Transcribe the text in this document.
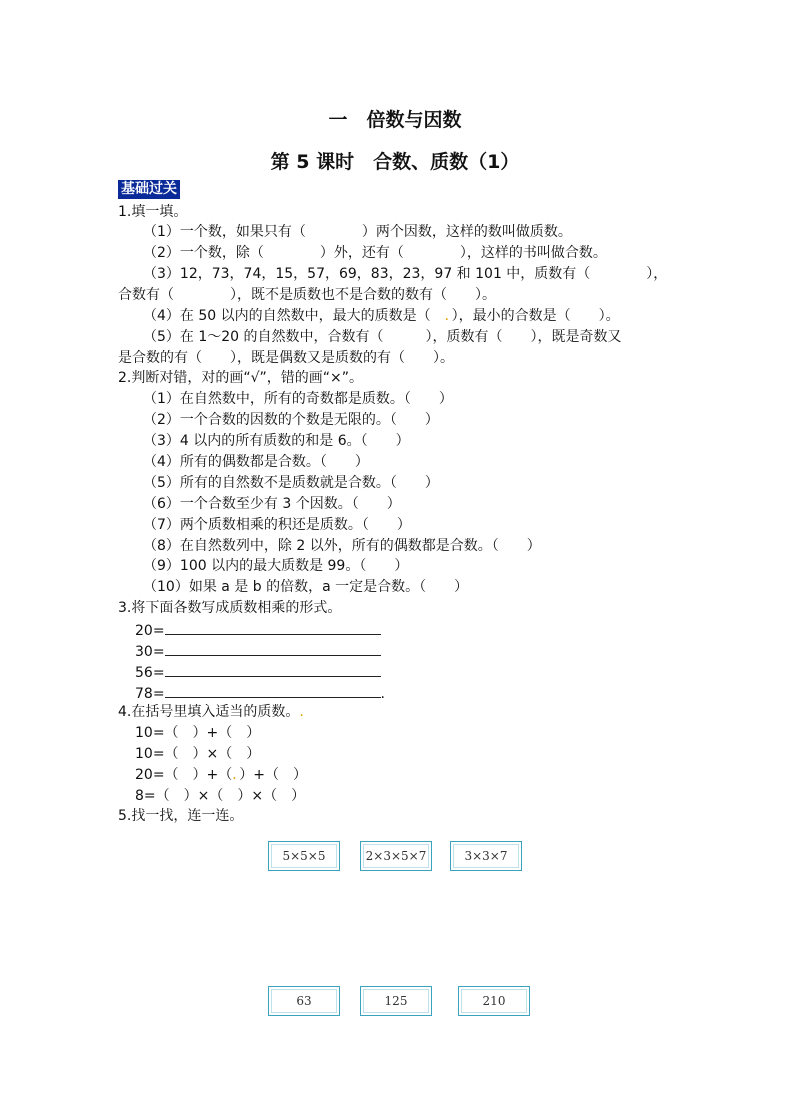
一　倍数与因数
第 5 课时　合数、质数（1）
基础过关
1.填一填。
（1）一个数，如果只有（　　　　）两个因数，这样的数叫做质数。
（2）一个数，除（　　　　）外，还有（　　　　），这样的书叫做合数。
（3）12，73，74，15，57，69，83，23，97 和 101 中，质数有（　　　　），
合数有（　　　　），既不是质数也不是合数的数有（　　）。
（4）在 50 以内的自然数中，最大的质数是（　 ．），最小的合数是（　　）。
（5）在 1～20 的自然数中，合数有（　　　），质数有（　　），既是奇数又
是合数的有（　　），既是偶数又是质数的有（　　）。
2.判断对错，对的画“√”，错的画“×”。
（1）在自然数中，所有的奇数都是质数。（　　）
（2）一个合数的因数的个数是无限的。（　　）
（3）4 以内的所有质数的和是 6。（　　）
（4）所有的偶数都是合数。（　　）
（5）所有的自然数不是质数就是合数。（　　）
（6）一个合数至少有 3 个因数。（　　）
（7）两个质数相乘的积还是质数。（　　）
（8）在自然数列中，除 2 以外，所有的偶数都是合数。（　　）
（9）100 以内的最大质数是 99。（　　）
（10）如果 a 是 b 的倍数，a 一定是合数。（　　）
3.将下面各数写成质数相乘的形式。
20=
30=
56=
78=	.
4.在括号里填入适当的质数。.
10=（　）+（　）
10=（　）×（　）
20=（　）+（．）+（　）
8=（　）×（　）×（　）
5.找一找，连一连。
5×5×5	2×3×5×7	3×3×7
63	125	210
